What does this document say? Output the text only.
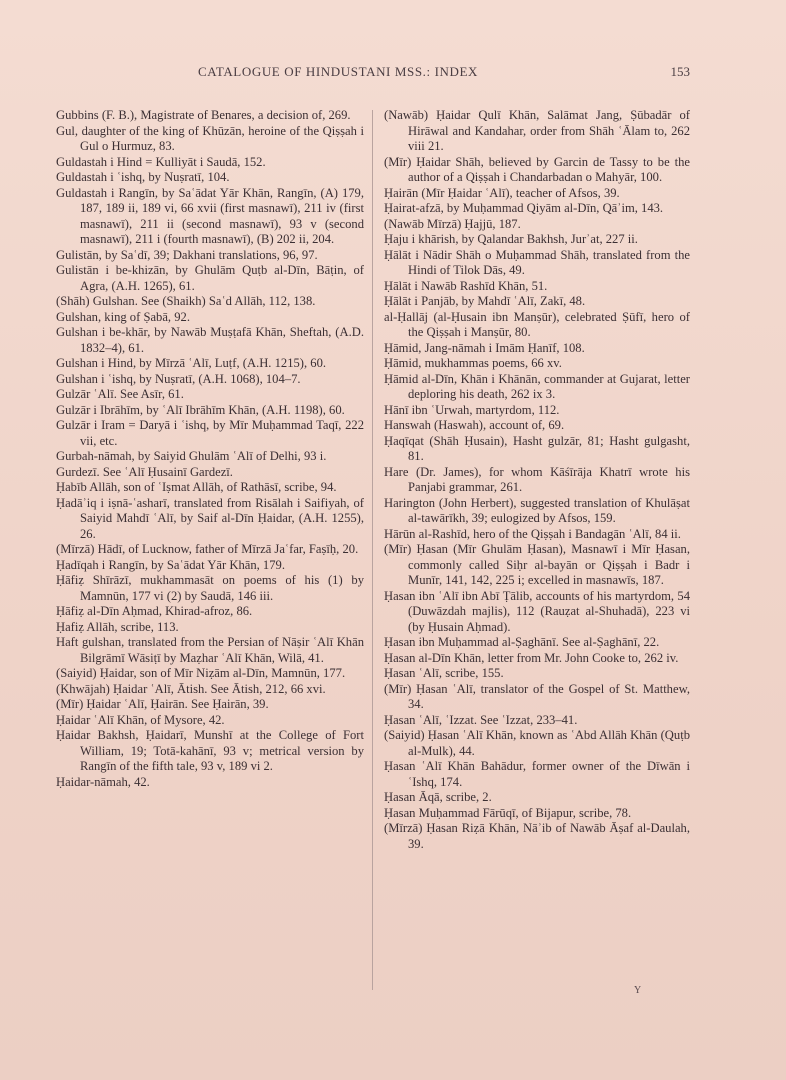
CATALOGUE OF HINDUSTANI MSS.: INDEX	153

Gubbins (F. B.), Magistrate of Benares, a decision of, 269.

Gul, daughter of the king of Khūzān, heroine of the Qiṣṣah i Gul o Hurmuz, 83.

Guldastah i Hind = Kulliyāt i Saudā, 152.

Guldastah i ʿishq, by Nuṣratī, 104.

Guldastah i Rangīn, by Saʿādat Yār Khān, Rangīn, (A) 179, 187, 189 ii, 189 vi, 66 xvii (first masnawī), 211 iv (first masnawī), 211 ii (second masnawī), 93 v (second masnawī), 211 i (fourth masnawī), (B) 202 ii, 204.

Gulistān, by Saʿdī, 39; Dakhani translations, 96, 97.

Gulistān i be-khizān, by Ghulām Quṭb al-Dīn, Bāṭin, of Agra, (A.H. 1265), 61.

(Shāh) Gulshan. See (Shaikh) Saʿd Allāh, 112, 138.

Gulshan, king of Ṣabā, 92.

Gulshan i be-khār, by Nawāb Muṣṭafā Khān, Sheftah, (A.D. 1832–4), 61.

Gulshan i Hind, by Mīrzā ʿAlī, Luṭf, (A.H. 1215), 60.

Gulshan i ʿishq, by Nuṣratī, (A.H. 1068), 104–7.

Gulzār ʿAlī. See Asīr, 61.

Gulzār i Ibrāhīm, by ʿAlī Ibrāhīm Khān, (A.H. 1198), 60.

Gulzār i Iram = Daryā i ʿishq, by Mīr Muḥammad Taqī, 222 vii, etc.

Gurbah-nāmah, by Saiyid Ghulām ʿAlī of Delhi, 93 i.

Gurdezī. See ʿAlī Ḥusainī Gardezī.

Ḥabīb Allāh, son of ʿIṣmat Allāh, of Rathāsī, scribe, 94.

Ḥadāʾiq i iṣnā-ʿasharī, translated from Risālah i Saifiyah, of Saiyid Mahdī ʿAlī, by Saif al-Dīn Ḥaidar, (A.H. 1255), 26.

(Mīrzā) Hādī, of Lucknow, father of Mīrzā Jaʿfar, Faṣīḥ, 20.

Ḥadīqah i Rangīn, by Saʿādat Yār Khān, 179.

Ḥāfiẓ Shīrāzī, mukhammasāt on poems of his (1) by Mamnūn, 177 vi (2) by Saudā, 146 iii.

Ḥāfiẓ al-Dīn Aḥmad, Khirad-afroz, 86.

Ḥafiẓ Allāh, scribe, 113.

Haft gulshan, translated from the Persian of Nāṣir ʿAlī Khān Bilgrāmī Wāsiṭī by Maẓhar ʿAlī Khān, Wilā, 41.

(Saiyid) Ḥaidar, son of Mīr Niẓām al-Dīn, Mamnūn, 177.

(Khwājah) Ḥaidar ʿAlī, Ātish. See Ātish, 212, 66 xvi.

(Mīr) Ḥaidar ʿAlī, Ḥairān. See Ḥairān, 39.

Ḥaidar ʿAlī Khān, of Mysore, 42.

Ḥaidar Bakhsh, Ḥaidarī, Munshī at the College of Fort William, 19; Totā-kahānī, 93 v; metrical version by Rangīn of the fifth tale, 93 v, 189 vi 2.

Ḥaidar-nāmah, 42.

(Nawāb) Ḥaidar Qulī Khān, Salāmat Jang, Ṣūbadār of Hirāwal and Kandahar, order from Shāh ʿĀlam to, 262 viii 21.

(Mīr) Ḥaidar Shāh, believed by Garcin de Tassy to be the author of a Qiṣṣah i Chandarbadan o Mahyār, 100.

Ḥairān (Mīr Ḥaidar ʿAlī), teacher of Afsos, 39.

Ḥairat-afzā, by Muḥammad Qiyām al-Dīn, Qāʾim, 143.

(Nawāb Mīrzā) Ḥajjū, 187.

Ḥaju i khārish, by Qalandar Bakhsh, Jurʾat, 227 ii.

Ḥālāt i Nādir Shāh o Muḥammad Shāh, translated from the Hindi of Tilok Dās, 49.

Ḥālāt i Nawāb Rashīd Khān, 51.

Ḥālāt i Panjāb, by Mahdī ʿAlī, Zakī, 48.

al-Ḥallāj (al-Ḥusain ibn Manṣūr), celebrated Ṣūfī, hero of the Qiṣṣah i Manṣūr, 80.

Ḥāmid, Jang-nāmah i Imām Ḥanīf, 108.

Ḥāmid, mukhammas poems, 66 xv.

Ḥāmid al-Dīn, Khān i Khānān, commander at Gujarat, letter deploring his death, 262 ix 3.

Hānī ibn ʿUrwah, martyrdom, 112.

Hanswah (Haswah), account of, 69.

Ḥaqīqat (Shāh Ḥusain), Hasht gulzār, 81; Hasht gulgasht, 81.

Hare (Dr. James), for whom Kāśīrāja Khatrī wrote his Panjabi grammar, 261.

Harington (John Herbert), suggested translation of Khulāṣat al-tawārīkh, 39; eulogized by Afsos, 159.

Hārūn al-Rashīd, hero of the Qiṣṣah i Bandagān ʿAlī, 84 ii.

(Mīr) Ḥasan (Mīr Ghulām Ḥasan), Masnawī i Mīr Ḥasan, commonly called Siḥr al-bayān or Qiṣṣah i Badr i Munīr, 141, 142, 225 i; excelled in masnawīs, 187.

Ḥasan ibn ʿAlī ibn Abī Ṭālib, accounts of his martyrdom, 54 (Duwāzdah majlis), 112 (Rauẓat al-Shuhadā), 223 vi (by Ḥusain Aḥmad).

Ḥasan ibn Muḥammad al-Ṣaghānī. See al-Ṣaghānī, 22.

Ḥasan al-Dīn Khān, letter from Mr. John Cooke to, 262 iv.

Ḥasan ʿAlī, scribe, 155.

(Mīr) Ḥasan ʿAlī, translator of the Gospel of St. Matthew, 34.

Ḥasan ʿAlī, ʿIzzat. See ʿIzzat, 233–41.

(Saiyid) Ḥasan ʿAlī Khān, known as ʿAbd Allāh Khān (Quṭb al-Mulk), 44.

Ḥasan ʿAlī Khān Bahādur, former owner of the Dīwān i ʿIshq, 174.

Ḥasan Āqā, scribe, 2.

Ḥasan Muḥammad Fārūqī, of Bijapur, scribe, 78.

(Mīrzā) Ḥasan Riẓā Khān, Nāʾib of Nawāb Āṣaf al-Daulah, 39.

Y
